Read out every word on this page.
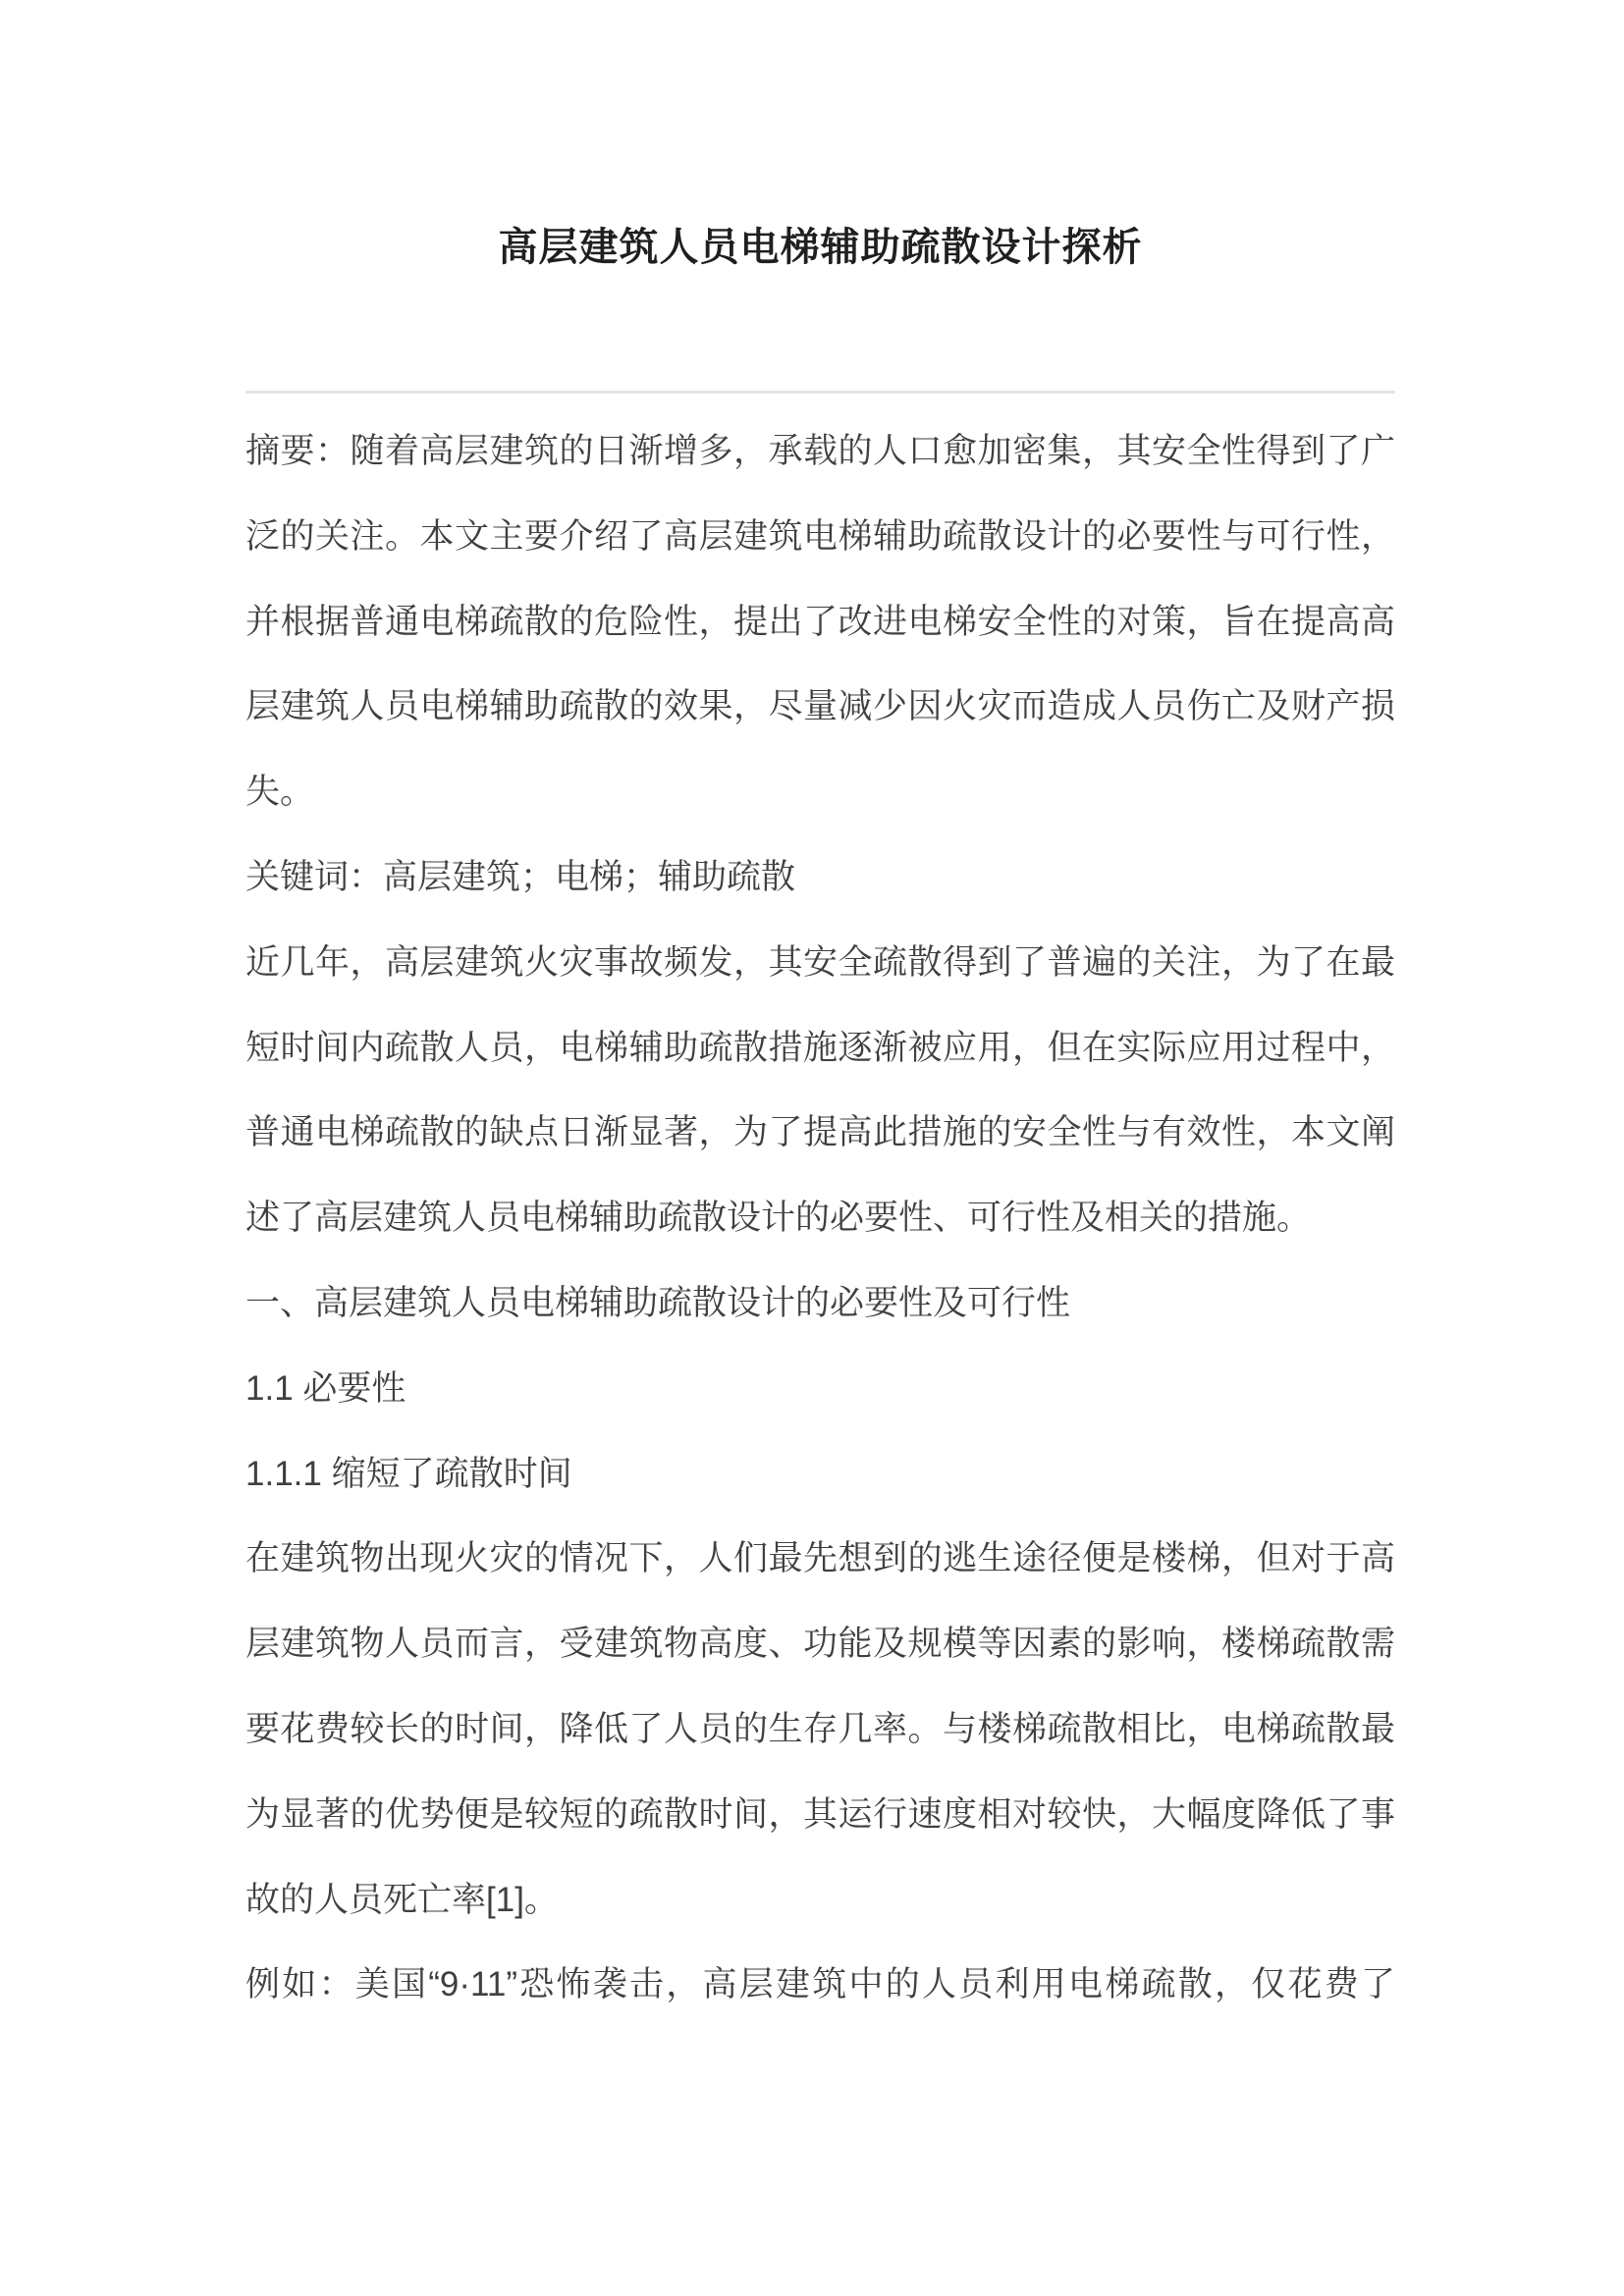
高层建筑人员电梯辅助疏散设计探析
摘要：随着高层建筑的日渐增多，承载的人口愈加密集，其安全性得到了广
泛的关注。本文主要介绍了高层建筑电梯辅助疏散设计的必要性与可行性，
并根据普通电梯疏散的危险性，提出了改进电梯安全性的对策，旨在提高高
层建筑人员电梯辅助疏散的效果，尽量减少因火灾而造成人员伤亡及财产损
失。
关键词：高层建筑；电梯；辅助疏散
近几年，高层建筑火灾事故频发，其安全疏散得到了普遍的关注，为了在最
短时间内疏散人员，电梯辅助疏散措施逐渐被应用，但在实际应用过程中，
普通电梯疏散的缺点日渐显著，为了提高此措施的安全性与有效性，本文阐
述了高层建筑人员电梯辅助疏散设计的必要性、可行性及相关的措施。
一、高层建筑人员电梯辅助疏散设计的必要性及可行性
1.1 必要性
1.1.1 缩短了疏散时间
在建筑物出现火灾的情况下，人们最先想到的逃生途径便是楼梯，但对于高
层建筑物人员而言，受建筑物高度、功能及规模等因素的影响，楼梯疏散需
要花费较长的时间，降低了人员的生存几率。与楼梯疏散相比，电梯疏散最
为显著的优势便是较短的疏散时间，其运行速度相对较快，大幅度降低了事
故的人员死亡率[1]。
例如：美国“9·11”恐怖袭击，高层建筑中的人员利用电梯疏散，仅花费了
